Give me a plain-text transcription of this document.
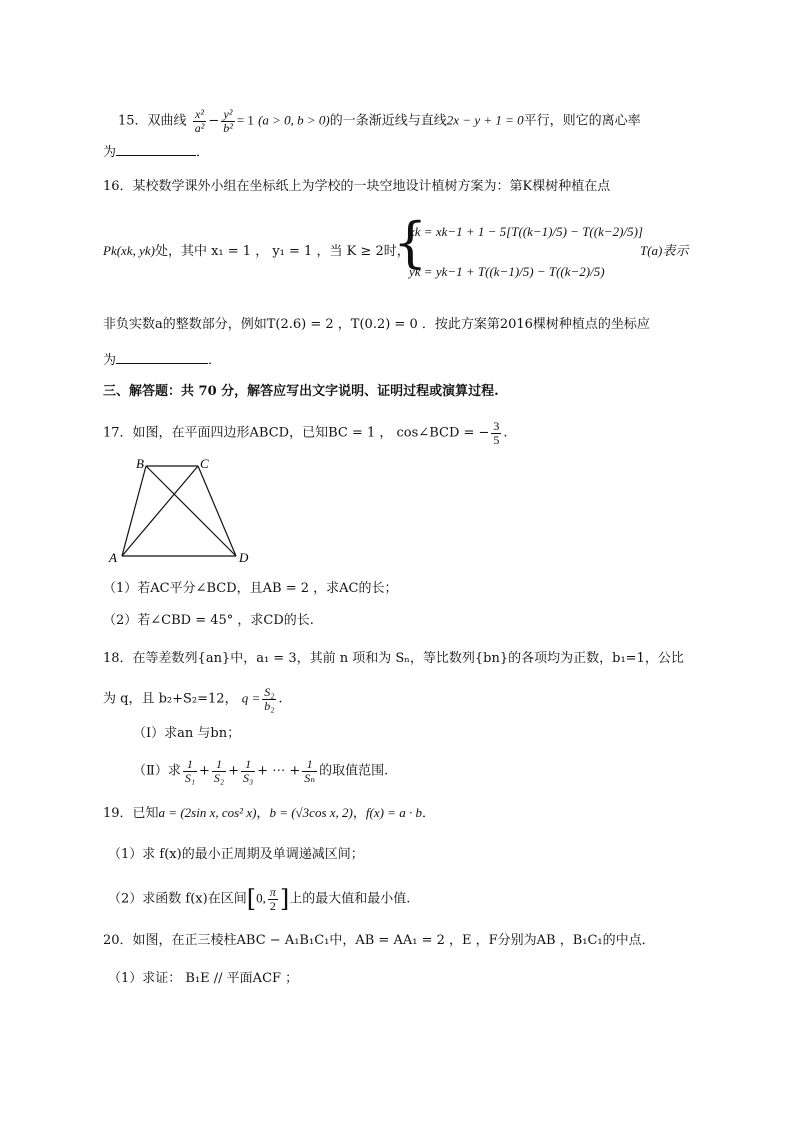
15．双曲线 $\frac{\text{x²}}{\text{a²}} - \frac{\text{y²}}{\text{b²}} = 1$ (a > 0, b > 0)的一条渐近线与直线2x − y + 1 = 0平行，则它的离心率
为	．
16．某校数学课外小组在坐标纸上为学校的一块空地设计植树方案为：第K棵树种植在点
Pk(xk, yk)处，其中 x₁ = 1 ， y₁ = 1 ，当 K ≥ 2时，
{
xk = xk−1 + 1 − 5[T((k−1)/5) − T((k−2)/5)]
yk = yk−1 + T((k−1)/5) − T((k−2)/5)
T(a)表示
非负实数a的整数部分，例如T(2.6) = 2 ，T(0.2) = 0 ．按此方案第2016棵树种植点的坐标应
为	．
三、解答题：共 70 分，解答应写出文字说明、证明过程或演算过程.
17．如图，在平面四边形ABCD，已知BC = 1 ， cos∠BCD = − $\frac{3}{5}$ .
B	C
A	D
（1）若AC平分∠BCD，且AB = 2 ，求AC的长；
（2）若∠CBD = 45° ，求CD的长.
18．在等差数列{an}中，a₁ = 3，其前 n 项和为 Sₙ，等比数列{bn}的各项均为正数，b₁=1，公比
为 q，且 b₂+S₂=12， $q = \frac{\text{S₂}}{\text{b₂}}$ .
（Ⅰ）求an 与bn；
（Ⅱ）求 $\frac{1}{\text{S₁}} + \frac{1}{\text{S₂}} + \frac{1}{\text{S₃}}$ + ⋯ + $\frac{1}{\text{Sₙ}}$ 的取值范围.
19．已知a = (2sin x, cos² x)，b = (√3cos x, 2)，f(x) = a · b．
（1）求 f(x)的最小正周期及单调递减区间；
（2）求函数 f(x)在区间[0, $\frac{\pi}{2}$ ]上的最大值和最小值.
20．如图，在正三棱柱ABC − A₁B₁C₁中，AB = AA₁ = 2 ，E ，F分别为AB ，B₁C₁的中点．
（1）求证： B₁E // 平面ACF ；
